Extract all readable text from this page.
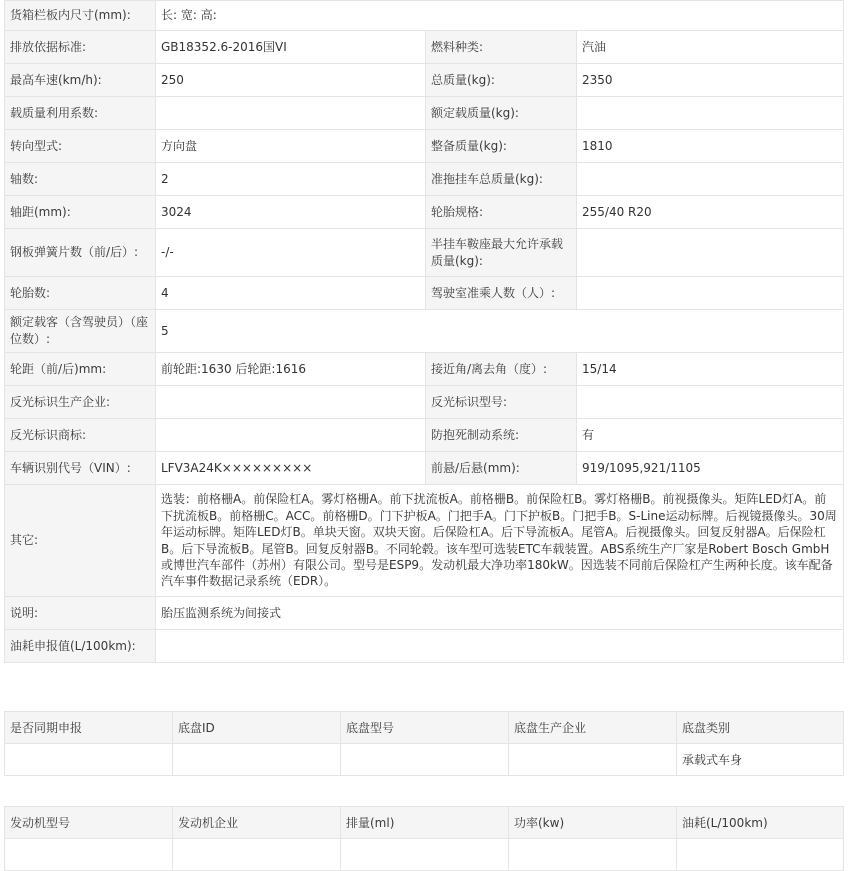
货箱栏板内尺寸(mm):	长: 宽: 高:		
排放依据标准:	GB18352.6-2016国VI	燃料种类:	汽油
最高车速(km/h):	250	总质量(kg):	2350
载质量利用系数:		额定载质量(kg):	
转向型式:	方向盘	整备质量(kg):	1810
轴数:	2	准拖挂车总质量(kg):	
轴距(mm):	3024	轮胎规格:	255/40 R20
钢板弹簧片数（前/后）:	-/-	半挂车鞍座最大允许承载质量(kg):	
轮胎数:	4	驾驶室准乘人数（人）:	
额定载客（含驾驶员）（座位数）:	5		
轮距（前/后)mm:	前轮距:1630 后轮距:1616	接近角/离去角（度）:	15/14
反光标识生产企业:		反光标识型号:	
反光标识商标:		防抱死制动系统:	有
车辆识别代号（VIN）:	LFV3A24K×××××××××	前悬/后悬(mm):	919/1095,921/1105
其它:	选装：前格栅A。前保险杠A。雾灯格栅A。前下扰流板A。前格栅B。前保险杠B。雾灯格栅B。前视摄像头。矩阵LED灯A。前下扰流板B。前格栅C。ACC。前格栅D。门下护板A。门把手A。门下护板B。门把手B。S-Line运动标牌。后视镜摄像头。30周年运动标牌。矩阵LED灯B。单块天窗。双块天窗。后保险杠A。后下导流板A。尾管A。后视摄像头。回复反射器A。后保险杠B。后下导流板B。尾管B。回复反射器B。不同轮毂。该车型可选装ETC车载装置。ABS系统生产厂家是Robert Bosch GmbH或博世汽车部件（苏州）有限公司。型号是ESP9。发动机最大净功率180kW。因选装不同前后保险杠产生两种长度。该车配备汽车事件数据记录系统（EDR）。		
说明:	胎压监测系统为间接式		
油耗申报值(L/100km):			
是否同期申报	底盘ID	底盘型号	底盘生产企业	底盘类别
				承载式车身
发动机型号	发动机企业	排量(ml)	功率(kw)	油耗(L/100km)
